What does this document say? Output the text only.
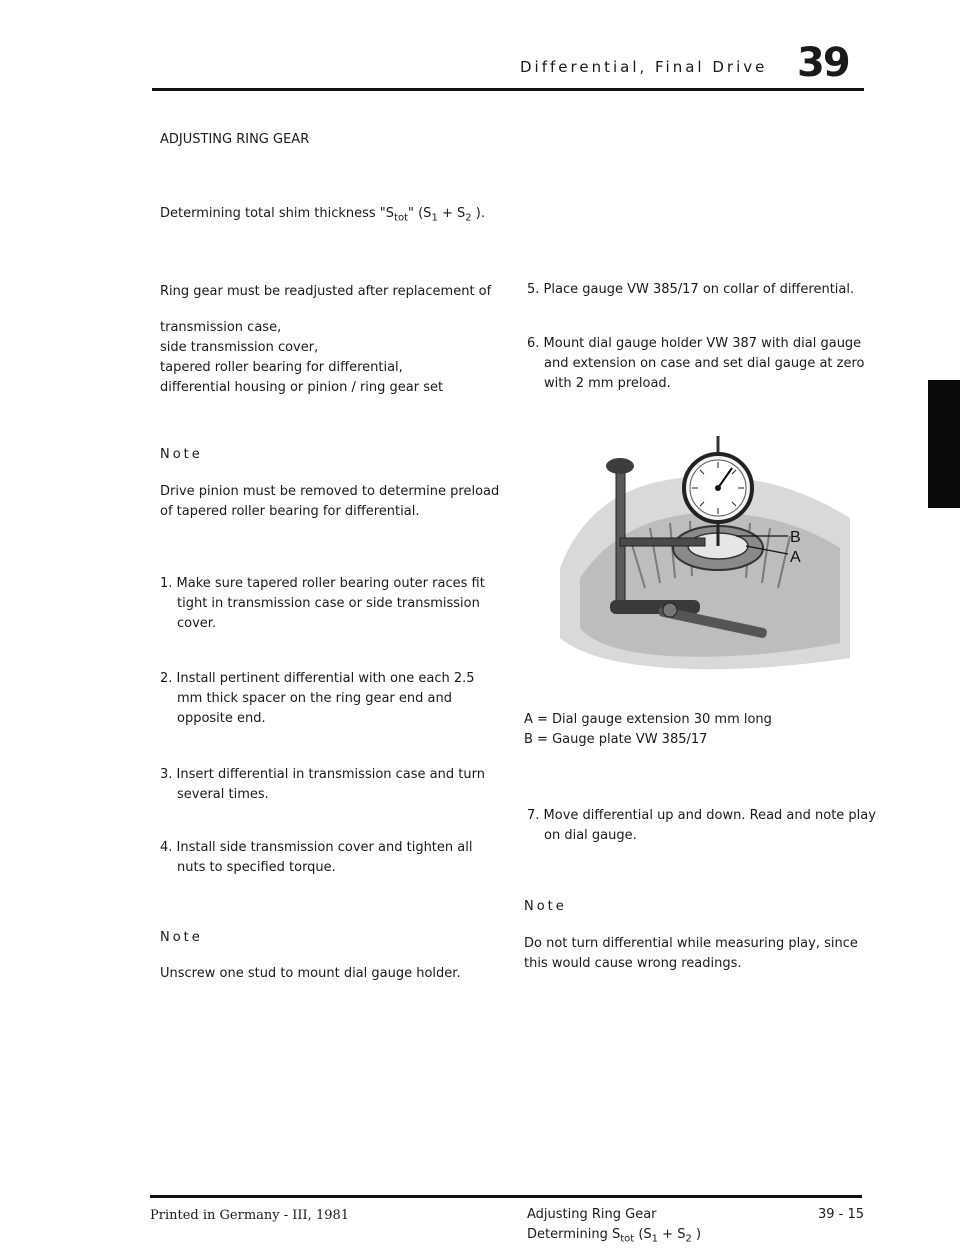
Differential, Final Drive 39
ADJUSTING RING GEAR
Determining total shim thickness "$S_{tot}$" ($S_1 + S_2$ ).
Ring gear must be readjusted after replacement of
transmission case,
side transmission cover,
tapered roller bearing for differential,
differential housing or pinion / ring gear set
Note
Drive pinion must be removed to determine preload of tapered roller bearing for differential.
1. Make sure tapered roller bearing outer races fit tight in transmission case or side transmission cover.
2. Install pertinent differential with one each 2.5 mm thick spacer on the ring gear end and opposite end.
3. Insert differential in transmission case and turn several times.
4. Install side transmission cover and tighten all nuts to specified torque.
Note
Unscrew one stud to mount dial gauge holder.
5. Place gauge VW 385/17 on collar of differential.
6. Mount dial gauge holder VW 387 with dial gauge and extension on case and set dial gauge at zero with 2 mm preload.
B
A
A = Dial gauge extension 30 mm long
B = Gauge plate VW 385/17
7. Move differential up and down. Read and note play on dial gauge.
Note
Do not turn differential while measuring play, since this would cause wrong readings.
Printed in Germany - III, 1981	Adjusting Ring Gear
Determining $S_{tot}$ ($S_1 + S_2$ )
39 - 15
